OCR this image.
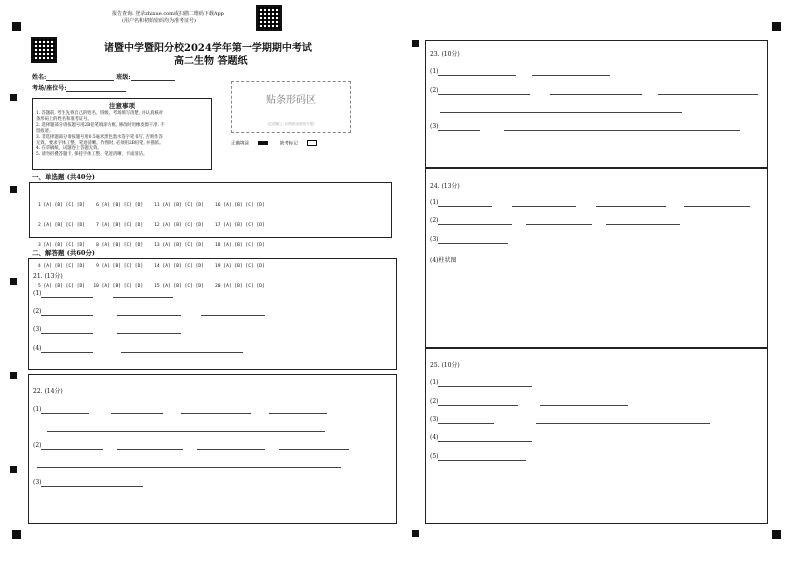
报告查询: 登录zhixue.com或扫描二维码下载App
(用户名和初始密码均为准考证号)
诸暨中学暨阳分校2024学年第一学期期中考试
高二生物 答题纸
姓名:	班级:
考场/座位号:
贴条形码区
(正面朝上, 切勿贴出虚线方框)
正确填涂	缺考标记
注意事项
1. 答题前, 考生先将自己的姓名、班级、考场填写清楚, 并认真核对
条形码上的姓名和准考证号。
2. 选择题部分请按题号用2B铅笔填涂方框, 修改时用橡皮擦干净, 不
留痕迹。
3. 非选择题部分请按题号用0.5毫米黑色墨水签字笔书写, 否则作答
无效。要求字体工整、笔迹清晰。作图时, 必须用2B铅笔, 并描浓。
4. 在草稿纸、试题卷上答题无效。
5. 请勿折叠答题卡, 保持字体工整、笔迹清晰、卡面清洁。
一、单选题 (共40分)

1 [A] [B] [C] [D]    6 [A] [B] [C] [D]    11 [A] [B] [C] [D]    16 [A] [B] [C] [D]

2 [A] [B] [C] [D]    7 [A] [B] [C] [D]    12 [A] [B] [C] [D]    17 [A] [B] [C] [D]

3 [A] [B] [C] [D]    8 [A] [B] [C] [D]    13 [A] [B] [C] [D]    18 [A] [B] [C] [D]

4 [A] [B] [C] [D]    9 [A] [B] [C] [D]    14 [A] [B] [C] [D]    19 [A] [B] [C] [D]

5 [A] [B] [C] [D]   10 [A] [B] [C] [D]    15 [A] [B] [C] [D]    20 [A] [B] [C] [D]

二、解答题 (共60分)
21. (13分)
(1)
(2)
(3)
(4)
22. (14分)
(1)
(2)
(3)
23. (10分)
(1)
(2)
(3)
24. (13分)
(1)
(2)
(3)
(4)柱状图
25. (10分)
(1)
(2)
(3)
(4)
(5)
